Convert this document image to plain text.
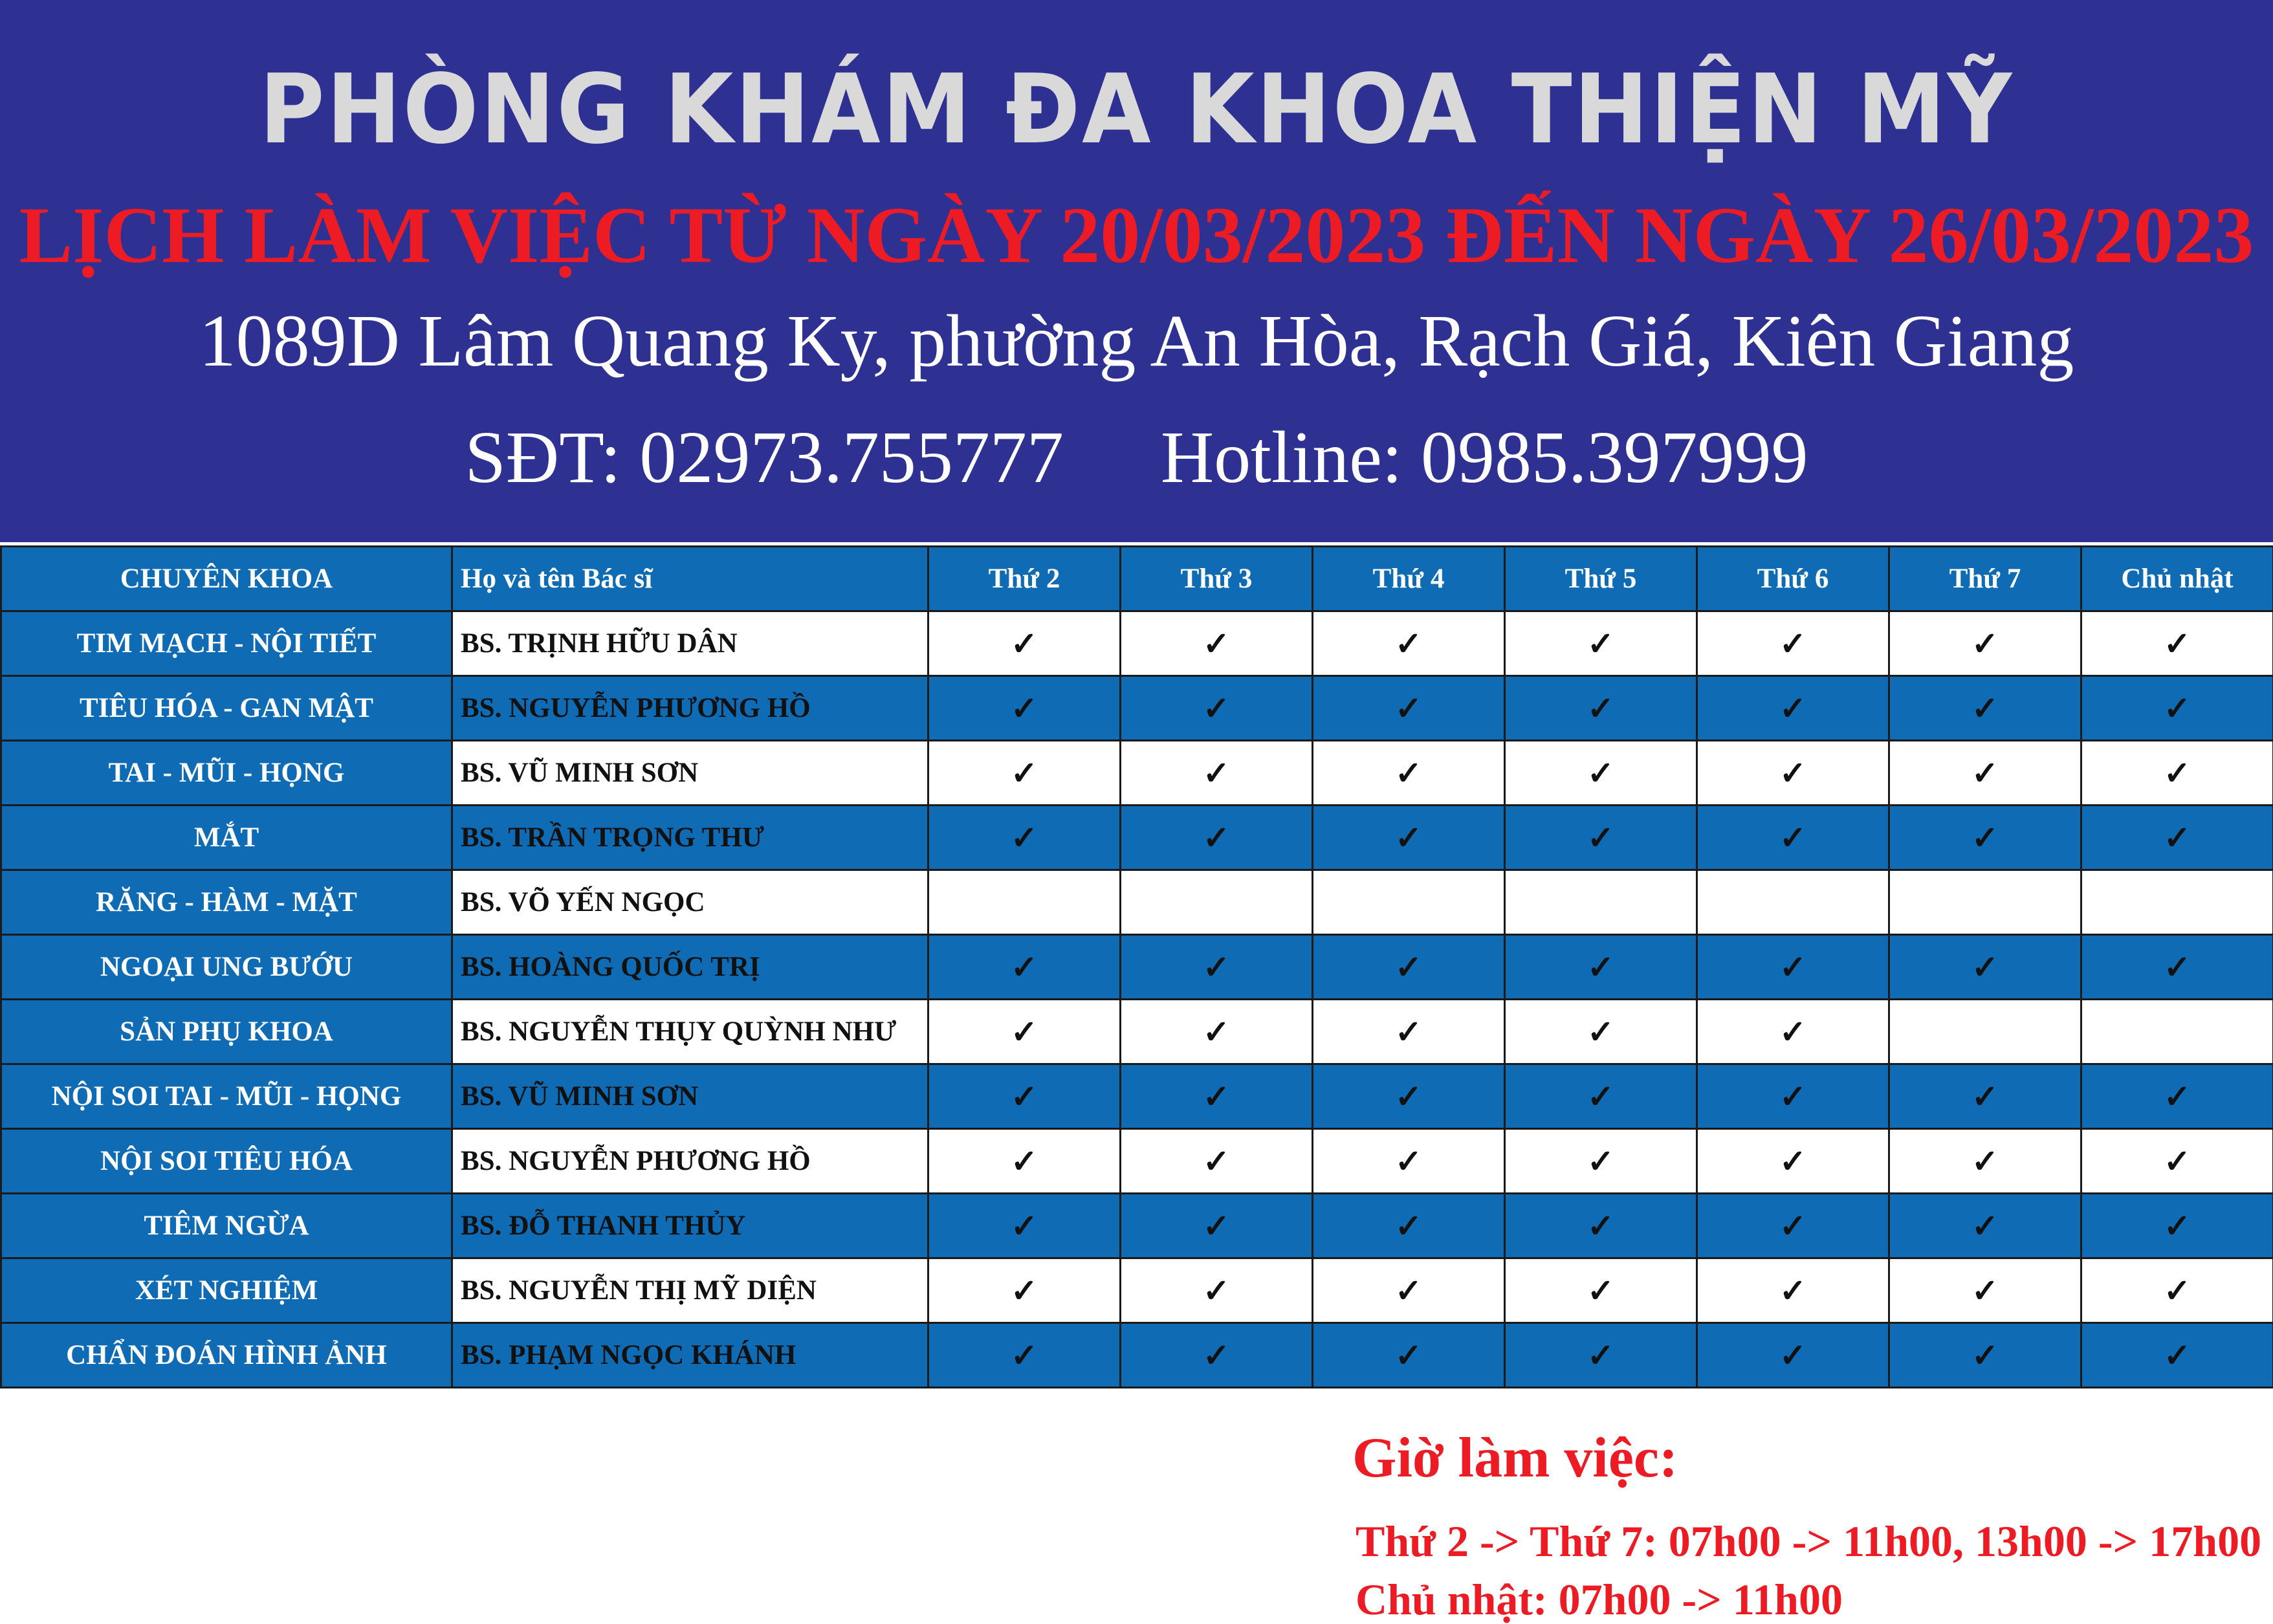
PHÒNG KHÁM ĐA KHOA THIỆN MỸ
LỊCH LÀM VIỆC TỪ NGÀY 20/03/2023 ĐẾN NGÀY 26/03/2023
1089D Lâm Quang Ky, phường An Hòa, Rạch Giá, Kiên Giang
SĐT: 02973.755777 Hotline: 0985.397999
CHUYÊN KHOA	Họ và tên Bác sĩ	Thứ 2	Thứ 3	Thứ 4	Thứ 5	Thứ 6	Thứ 7	Chủ nhật
TIM MẠCH - NỘI TIẾT	BS. TRỊNH HỮU DÂN	✓	✓	✓	✓	✓	✓	✓
TIÊU HÓA - GAN MẬT	BS. NGUYỄN PHƯƠNG HỒ	✓	✓	✓	✓	✓	✓	✓
TAI - MŨI - HỌNG	BS. VŨ MINH SƠN	✓	✓	✓	✓	✓	✓	✓
MẮT	BS. TRẦN TRỌNG THƯ	✓	✓	✓	✓	✓	✓	✓
RĂNG - HÀM - MẶT	BS. VÕ YẾN NGỌC							
NGOẠI UNG BƯỚU	BS. HOÀNG QUỐC TRỊ	✓	✓	✓	✓	✓	✓	✓
SẢN PHỤ KHOA	BS. NGUYỄN THỤY QUỲNH NHƯ	✓	✓	✓	✓	✓		
NỘI SOI TAI - MŨI - HỌNG	BS. VŨ MINH SƠN	✓	✓	✓	✓	✓	✓	✓
NỘI SOI TIÊU HÓA	BS. NGUYỄN PHƯƠNG HỒ	✓	✓	✓	✓	✓	✓	✓
TIÊM NGỪA	BS. ĐỖ THANH THỦY	✓	✓	✓	✓	✓	✓	✓
XÉT NGHIỆM	BS. NGUYỄN THỊ MỸ DIỆN	✓	✓	✓	✓	✓	✓	✓
CHẨN ĐOÁN HÌNH ẢNH	BS. PHẠM NGỌC KHÁNH	✓	✓	✓	✓	✓	✓	✓
Giờ làm việc:
Thứ 2 -> Thứ 7: 07h00 -> 11h00, 13h00 -> 17h00
Chủ nhật: 07h00 -> 11h00
